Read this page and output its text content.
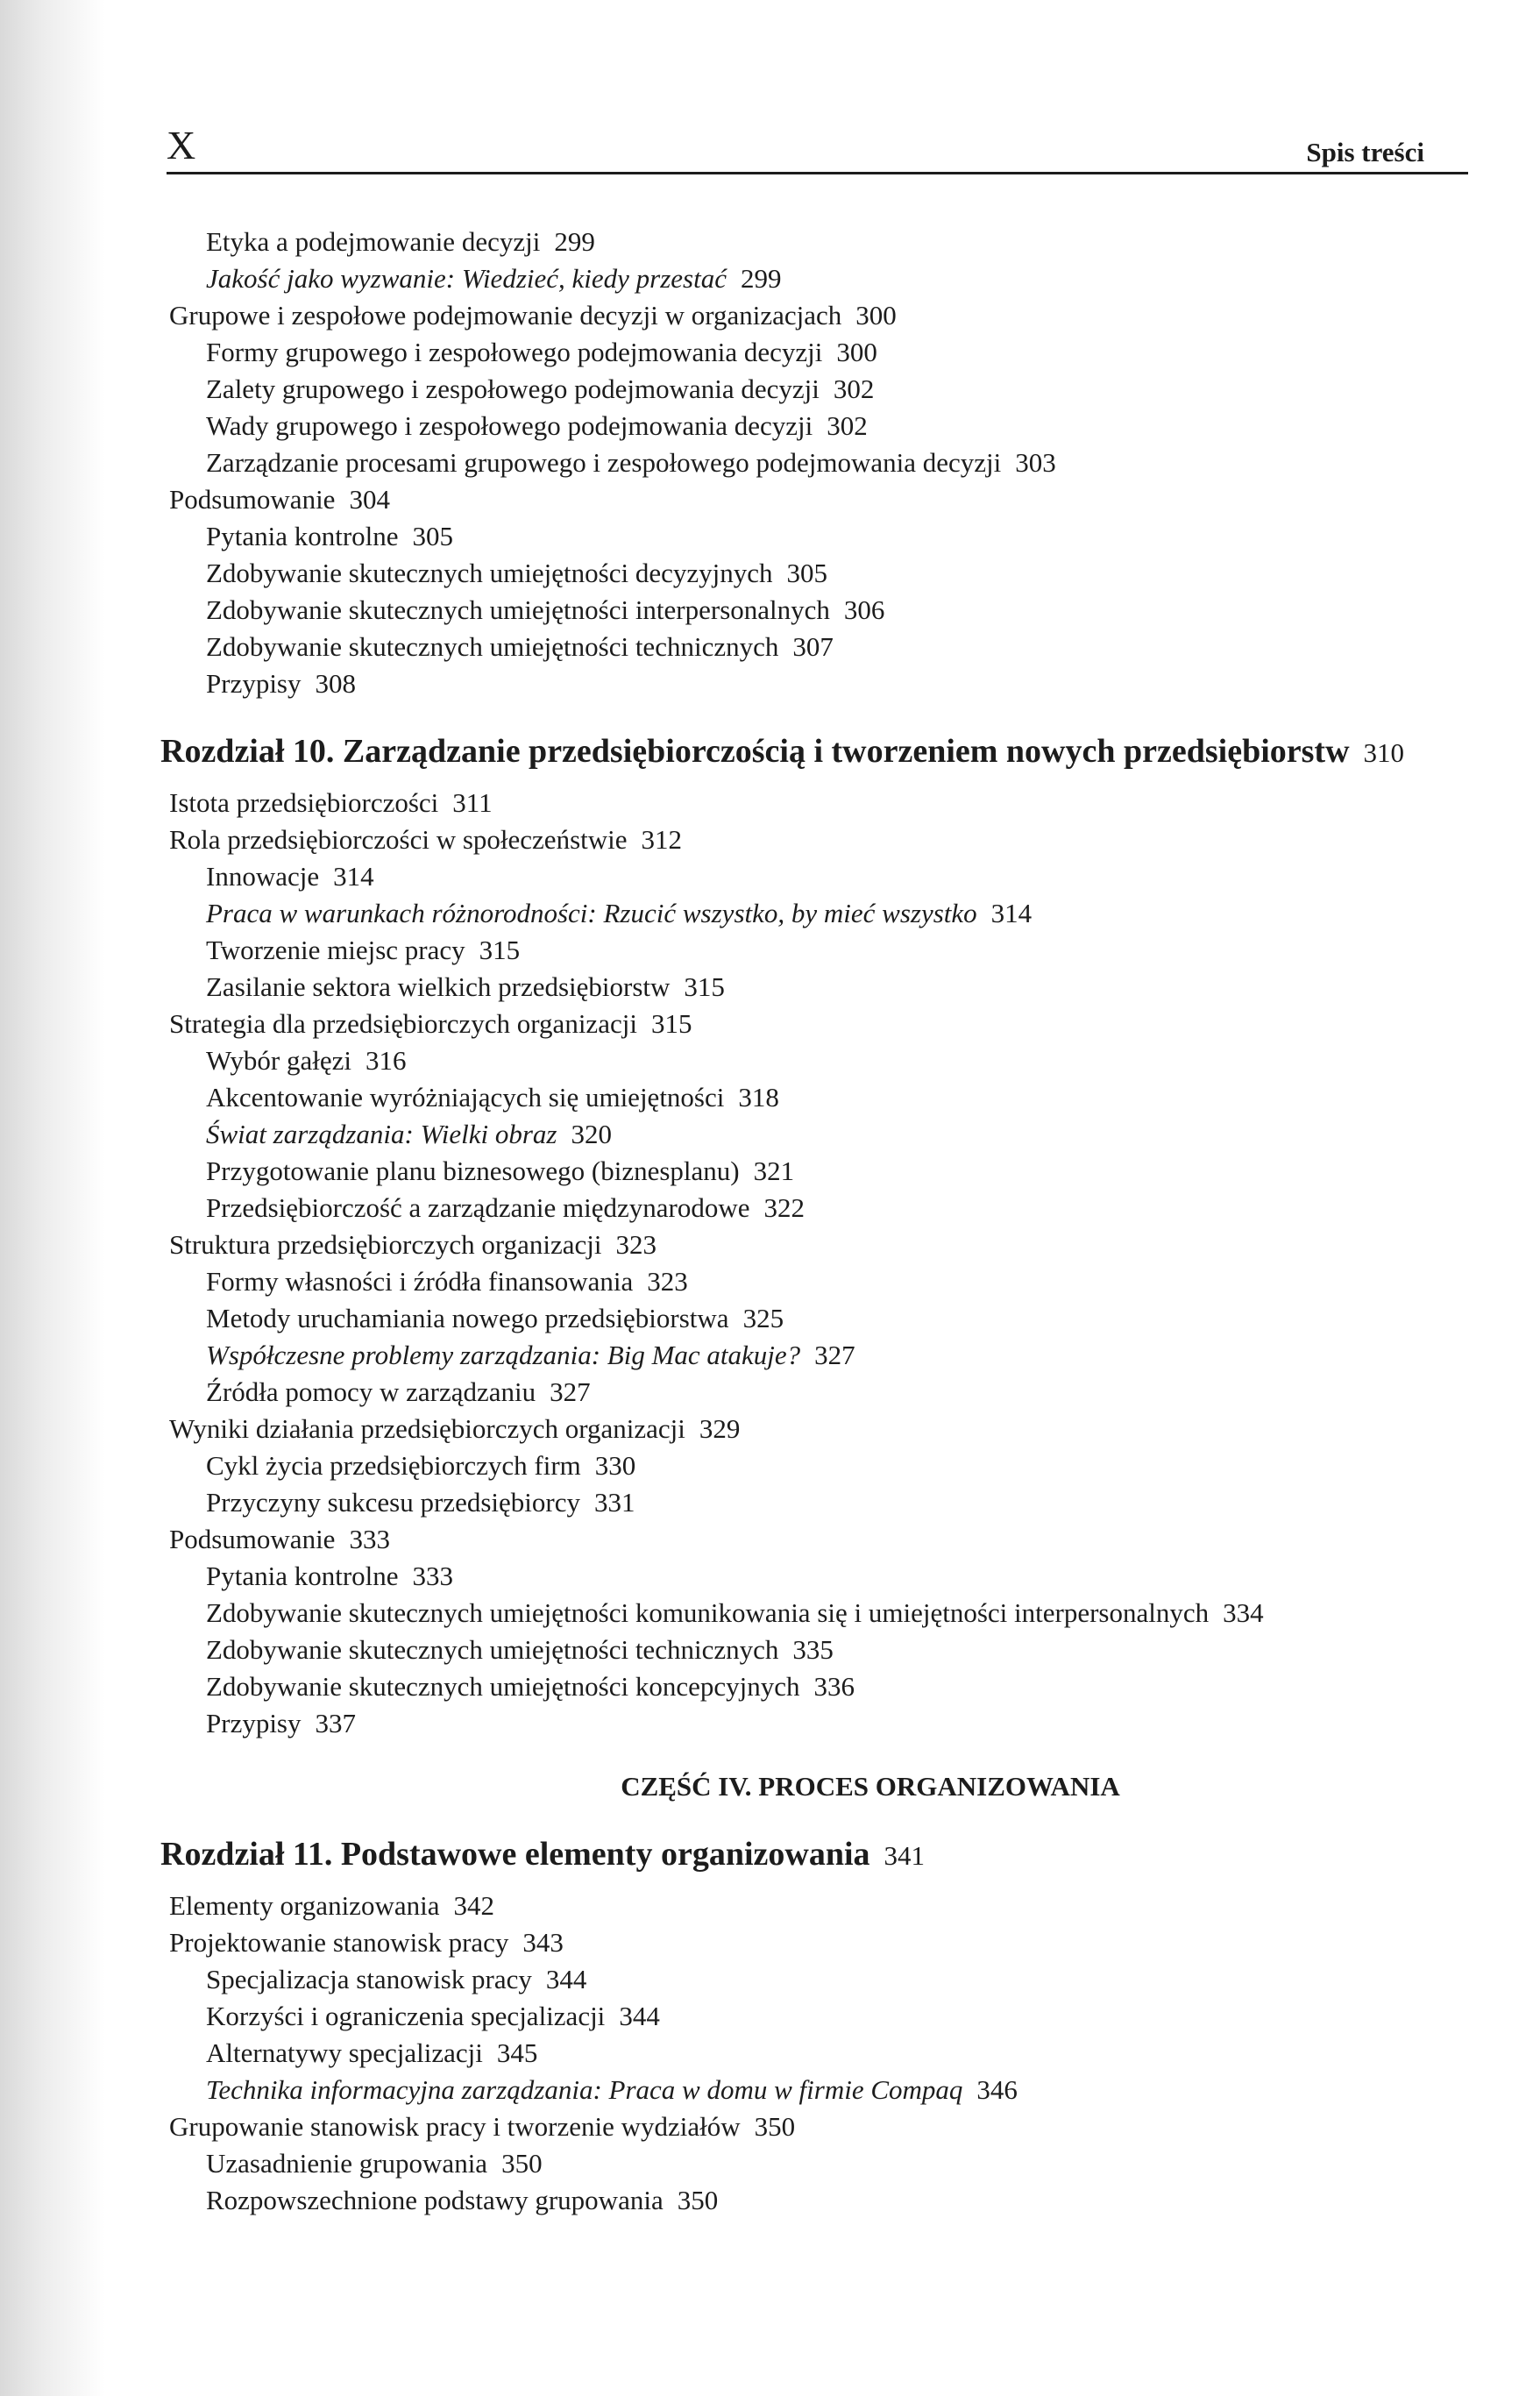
X	Spis treści
Etyka a podejmowanie decyzji 299
Jakość jako wyzwanie: Wiedzieć, kiedy przestać 299
Grupowe i zespołowe podejmowanie decyzji w organizacjach 300
Formy grupowego i zespołowego podejmowania decyzji 300
Zalety grupowego i zespołowego podejmowania decyzji 302
Wady grupowego i zespołowego podejmowania decyzji 302
Zarządzanie procesami grupowego i zespołowego podejmowania decyzji 303
Podsumowanie 304
Pytania kontrolne 305
Zdobywanie skutecznych umiejętności decyzyjnych 305
Zdobywanie skutecznych umiejętności interpersonalnych 306
Zdobywanie skutecznych umiejętności technicznych 307
Przypisy 308
Rozdział 10. Zarządzanie przedsiębiorczością i tworzeniem nowych przedsiębiorstw 310
Istota przedsiębiorczości 311
Rola przedsiębiorczości w społeczeństwie 312
Innowacje 314
Praca w warunkach różnorodności: Rzucić wszystko, by mieć wszystko 314
Tworzenie miejsc pracy 315
Zasilanie sektora wielkich przedsiębiorstw 315
Strategia dla przedsiębiorczych organizacji 315
Wybór gałęzi 316
Akcentowanie wyróżniających się umiejętności 318
Świat zarządzania: Wielki obraz 320
Przygotowanie planu biznesowego (biznesplanu) 321
Przedsiębiorczość a zarządzanie międzynarodowe 322
Struktura przedsiębiorczych organizacji 323
Formy własności i źródła finansowania 323
Metody uruchamiania nowego przedsiębiorstwa 325
Współczesne problemy zarządzania: Big Mac atakuje? 327
Źródła pomocy w zarządzaniu 327
Wyniki działania przedsiębiorczych organizacji 329
Cykl życia przedsiębiorczych firm 330
Przyczyny sukcesu przedsiębiorcy 331
Podsumowanie 333
Pytania kontrolne 333
Zdobywanie skutecznych umiejętności komunikowania się i umiejętności interpersonalnych 334
Zdobywanie skutecznych umiejętności technicznych 335
Zdobywanie skutecznych umiejętności koncepcyjnych 336
Przypisy 337
CZĘŚĆ IV. PROCES ORGANIZOWANIA
Rozdział 11. Podstawowe elementy organizowania 341
Elementy organizowania 342
Projektowanie stanowisk pracy 343
Specjalizacja stanowisk pracy 344
Korzyści i ograniczenia specjalizacji 344
Alternatywy specjalizacji 345
Technika informacyjna zarządzania: Praca w domu w firmie Compaq 346
Grupowanie stanowisk pracy i tworzenie wydziałów 350
Uzasadnienie grupowania 350
Rozpowszechnione podstawy grupowania 350
